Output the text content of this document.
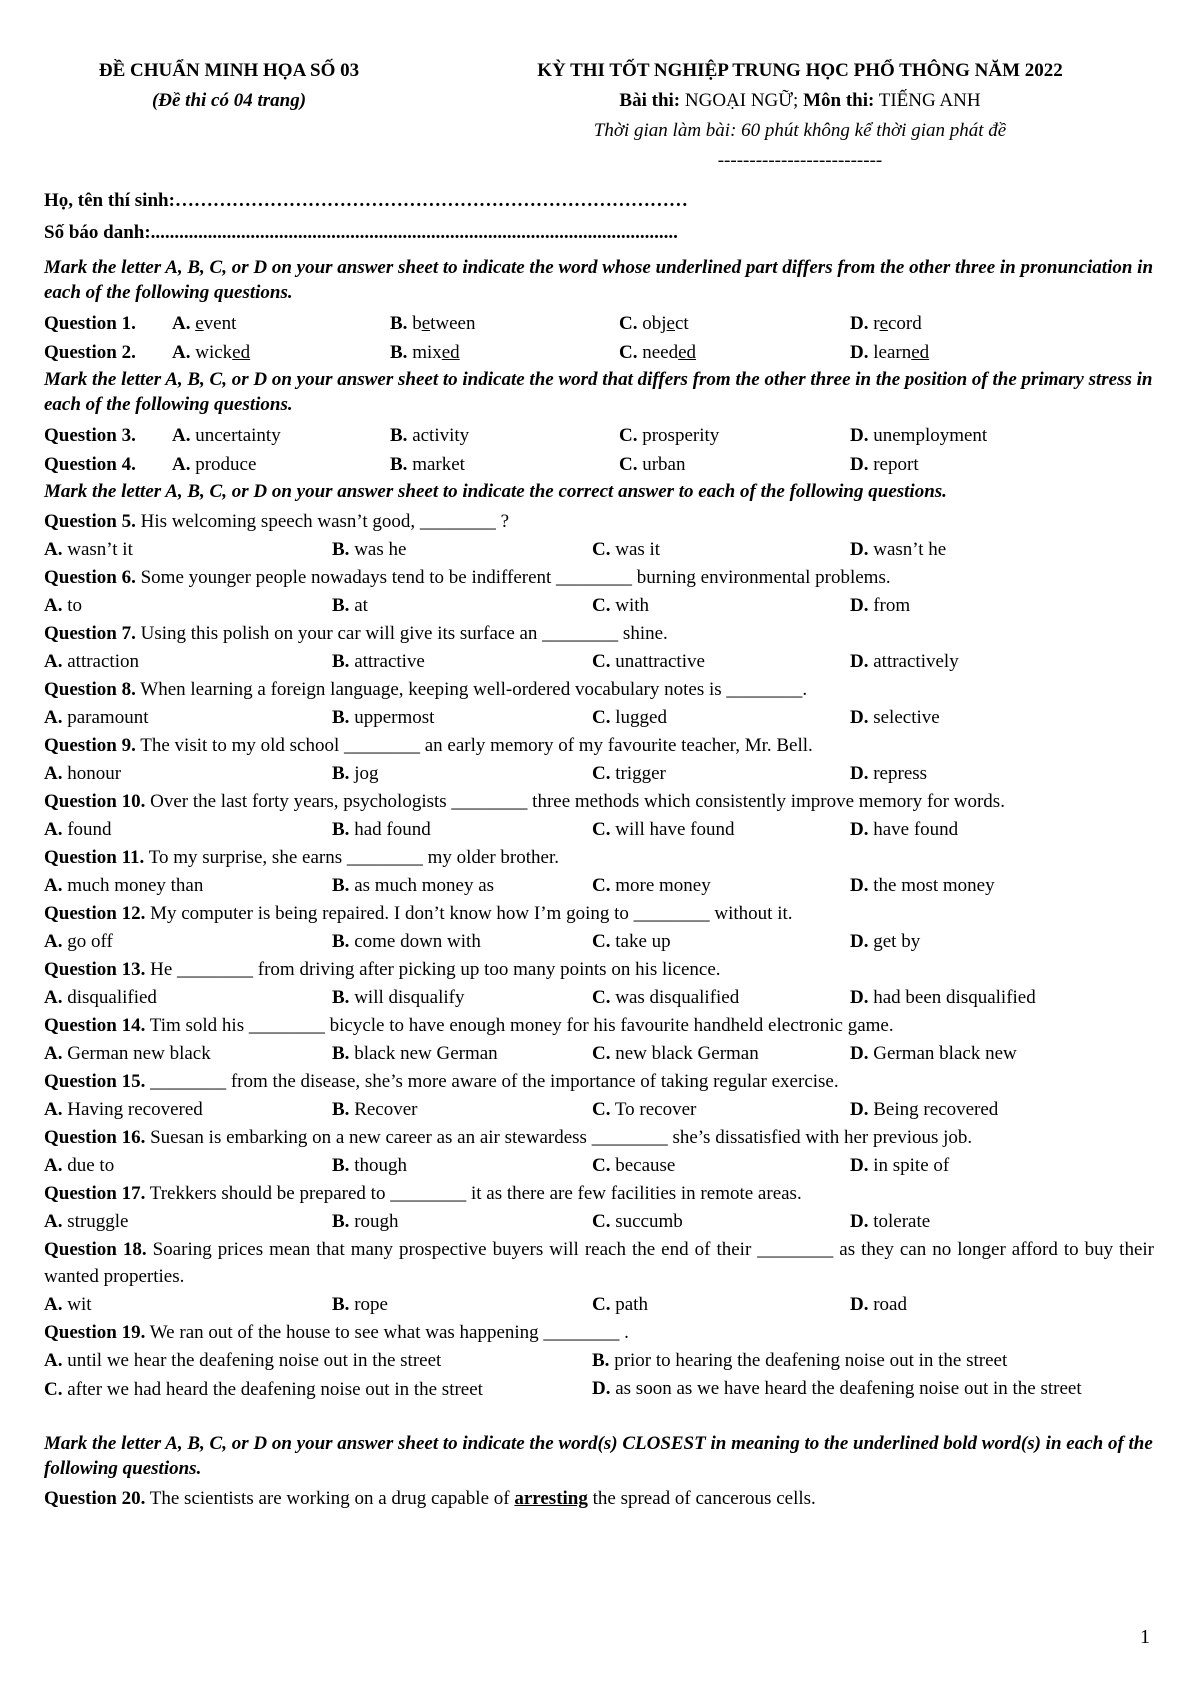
ĐỀ CHUẨN MINH HỌA SỐ 03
(Đề thi có 04 trang)
KỲ THI TỐT NGHIỆP TRUNG HỌC PHỔ THÔNG NĂM 2022
Bài thi: NGOẠI NGỮ; Môn thi: TIẾNG ANH
Thời gian làm bài: 60 phút không kể thời gian phát đề
--------------------------
Họ, tên thí sinh:………………………………………………………………………
Số báo danh:...............................................................................................................

Mark the letter A, B, C, or D on your answer sheet to indicate the word whose underlined part differs from the other three in pronunciation in each of the following questions.

Question 1. A. event	B. between	C. object	D. record
Question 2. A. wicked	B. mixed	C. needed	D. learned

Mark the letter A, B, C, or D on your answer sheet to indicate the word that differs from the other three in the position of the primary stress in each of the following questions.

Question 3. A. uncertainty	B. activity	C. prosperity	D. unemployment
Question 4. A. produce	B. market	C. urban	D. report

Mark the letter A, B, C, or D on your answer sheet to indicate the correct answer to each of the following questions.

Question 5. His welcoming speech wasn’t good, ________ ?

A. wasn’t it	B. was he	C. was it	D. wasn’t he

Question 6. Some younger people nowadays tend to be indifferent ________ burning environmental problems.

A. to	B. at	C. with	D. from

Question 7. Using this polish on your car will give its surface an ________ shine.

A. attraction	B. attractive	C. unattractive	D. attractively

Question 8. When learning a foreign language, keeping well-ordered vocabulary notes is ________.

A. paramount	B. uppermost	C. lugged	D. selective

Question 9. The visit to my old school ________ an early memory of my favourite teacher, Mr. Bell.

A. honour	B. jog	C. trigger	D. repress

Question 10. Over the last forty years, psychologists ________ three methods which consistently improve memory for words.

A. found	B. had found	C. will have found	D. have found

Question 11. To my surprise, she earns ________ my older brother.

A. much money than	B. as much money as	C. more money	D. the most money

Question 12. My computer is being repaired. I don’t know how I’m going to ________ without it.

A. go off	B. come down with	C. take up	D. get by

Question 13. He ________ from driving after picking up too many points on his licence.

A. disqualified	B. will disqualify	C. was disqualified	D. had been disqualified

Question 14. Tim sold his ________ bicycle to have enough money for his favourite handheld electronic game.

A. German new black	B. black new German	C. new black German	D. German black new

Question 15. ________ from the disease, she’s more aware of the importance of taking regular exercise.

A. Having recovered	B. Recover	C. To recover	D. Being recovered

Question 16. Suesan is embarking on a new career as an air stewardess ________ she’s dissatisfied with her previous job.

A. due to	B. though	C. because	D. in spite of

Question 17. Trekkers should be prepared to ________ it as there are few facilities in remote areas.

A. struggle	B. rough	C. succumb	D. tolerate

Question 18. Soaring prices mean that many prospective buyers will reach the end of their ________ as they can no longer afford to buy their wanted properties.

A. wit	B. rope	C. path	D. road

Question 19. We ran out of the house to see what was happening ________ .

A. until we hear the deafening noise out in the street	B. prior to hearing the deafening noise out in the street
C. after we had heard the deafening noise out in the street	D. as soon as we have heard the deafening noise out in the street

Mark the letter A, B, C, or D on your answer sheet to indicate the word(s) CLOSEST in meaning to the underlined bold word(s) in each of the following questions.

Question 20. The scientists are working on a drug capable of arresting the spread of cancerous cells.

1
